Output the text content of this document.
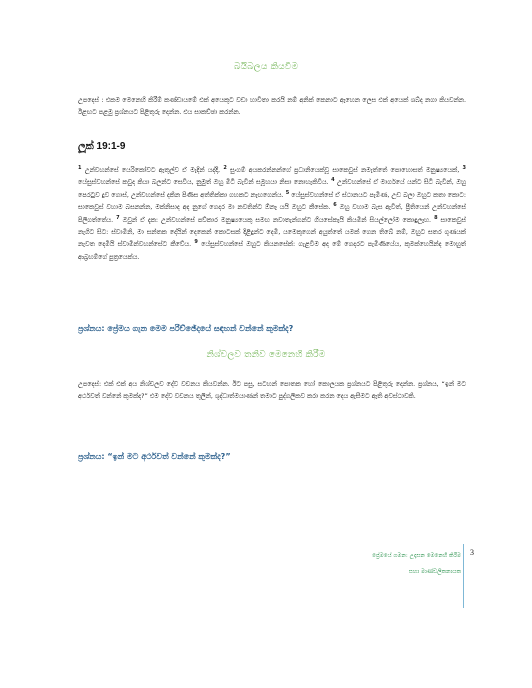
බයිබලය කියවීම
උපදෙස් : එකම මෙනෙහි කිරීම් කණ්ඩායමේ එක් අයෙකුට වඩා හාවිතා කරයි නම් අනික් කෙනාට ඇහෙන ලෙස එක් අයෙක් ශබ්ද නගා කියවන්න. ඊළඟට පළමු ප්‍රශ්නයට පිළිතුරු දෙන්න. එය සාකච්ඡා කරන්න.
ලූක් 19:1-9
$^1$ උන්වහන්සේ යෙරිකෝවට ඇතුල්ව ඒ මැදින් යද්දී, $^2$ සුංගම් අයකරන්නන්ගේ ප්‍රධානියෙක්වූ සාකෙවුස් නමැත්තේ පොහොසත් මනුෂ්‍යයෙක්, $^3$ යේසුස්වහන්සේ කවුද කියා බලන්ට සෙවීය, නුමුත් ඔහු මිටි බැවින් සමූහයා නිසා නොහැකිවිය. $^4$ උන්වහන්සේ ඒ මාර්ගයේ යන්ට සිටි බැවින්, ඔහු පෙරටුව දුව ගොස්, උන්වහන්සේ දකින පිණිස අත්තික්කා ගහකට නැඟගෙන්ය. $^5$ යේසුස්වහන්සේ ඒ ස්ථානයට පැමිණ, උඩ බලා ඔහුට කතා කොට: සාකෙවුස් වහාම බසනන්න, මක්නිසාද අද නුගේ ගෙදර මා නවතින්ට ඕනෑ යයි ඔහුට කීසේක. $^6$ ඔහු වහාම බැස ඇවිත්, ප්‍රීතියෙන් උන්වහන්සේ පිලිගත්තේය. $^7$ ඔවුන් ඒ දැක: උන්වහන්සේ පව්කාර මනුෂ්‍යයෙකු සමඟ නවාතැන්ගන්ට ගියසේකැයි කියමින් සියල්ලෝම කොඳුලෑහ. $^8$ සාකෙවුස් නැගිට සිට: ස්වාමීනි, මා සන්තක දේයින් දෙකෙන් කොටසක් දිළිදුන්ට දෙමි, යමෙකුගෙන් අයුත්තේ යමක් ගෙන තිබේ නම්, ඔහුට සතර ගුණයක් නැවත දෙමියි ස්වාමීන්වහන්සේට කීවේය. $^9$ යේසුස්වහන්සේ ඔහුට කියනසේක්: ගැළවීම අද මේ ගෙදරට පැමිණියේය, කුමක්හෙයින්ද මොහුත් ආබ්‍රහම්ගේ පුත්‍රයෙක්ය.
ප්‍රශ්නය: ප්‍රේමය ගැන මෙම පරිච්ඡේදයේ සඳහන් වන්නේ කුමක්ද?
නිශ්චලව තනිව මෙනෙහි කිරීම
උපදෙස්: එක් එක් අය නිශ්චලව දේව වචනය කියවන්න. ඊට පසු, සටහන් පොතක හෝ කොලයක ප්‍රශ්නයට පිළිතුරු දෙන්න. ප්‍රශ්නය, “ඉන් මට අර්ථවත් වන්නේ කුමක්ද?” එම දේව වචනය තුලින්, ශුද්ධාත්මයාණන් තමාට පුද්ගලිකව කරා කරන දෙය ඇසීමට ඇති අවස්ථාවකි.
ප්‍රශ්නය: “ඉන් මට අර්ථවත් වන්නේ කුමක්ද?”
ප්‍රේමයේ ගමන: උදෑසන මෙනෙහි කිරීම
සහා මාණ්ඩලිකනායක
3
